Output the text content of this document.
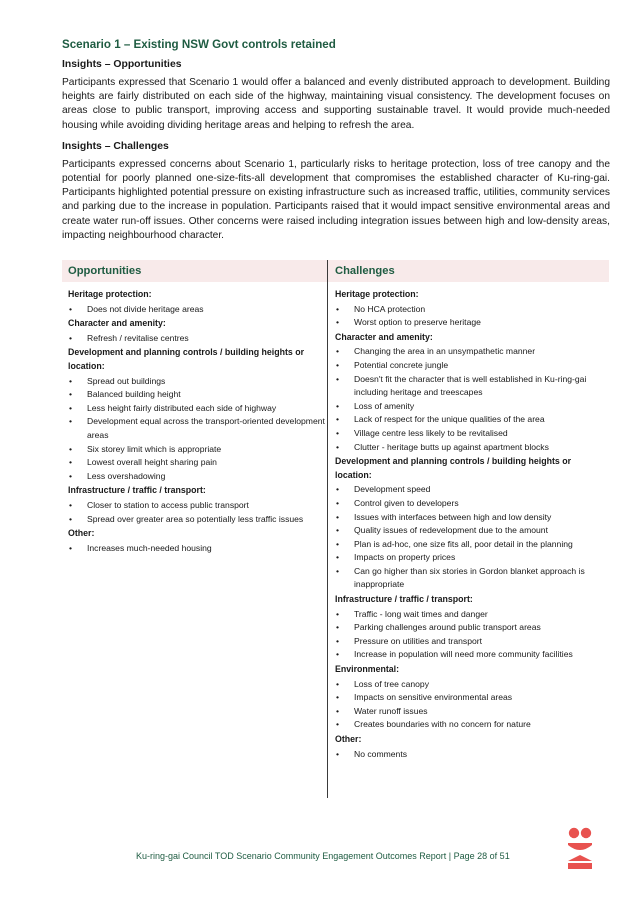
Scenario 1 – Existing NSW Govt controls retained
Insights – Opportunities

Participants expressed that Scenario 1 would offer a balanced and evenly distributed approach to development. Building heights are fairly distributed on each side of the highway, maintaining visual consistency. The development focuses on areas close to public transport, improving access and supporting sustainable travel. It would provide much-needed housing while avoiding dividing heritage areas and helping to refresh the area.

Insights – Challenges

Participants expressed concerns about Scenario 1, particularly risks to heritage protection, loss of tree canopy and the potential for poorly planned one-size-fits-all development that compromises the established character of Ku-ring-gai. Participants highlighted potential pressure on existing infrastructure such as increased traffic, utilities, community services and parking due to the increase in population. Participants raised that it would impact sensitive environmental areas and create water run-off issues. Other concerns were raised including integration issues between high and low-density areas, impacting neighbourhood character.

Opportunities
Heritage protection:
• Does not divide heritage areas
Character and amenity:
• Refresh / revitalise centres
Development and planning controls / building heights or location:
• Spread out buildings
• Balanced building height
• Less height fairly distributed each side of highway
• Development equal across the transport-oriented development areas
• Six storey limit which is appropriate
• Lowest overall height sharing pain
• Less overshadowing
Infrastructure / traffic / transport:
• Closer to station to access public transport
• Spread over greater area so potentially less traffic issues
Other:
• Increases much-needed housing
Challenges
Heritage protection:
• No HCA protection
• Worst option to preserve heritage
Character and amenity:
• Changing the area in an unsympathetic manner
• Potential concrete jungle
• Doesn't fit the character that is well established in Ku-ring-gai including heritage and treescapes
• Loss of amenity
• Lack of respect for the unique qualities of the area
• Village centre less likely to be revitalised
• Clutter - heritage butts up against apartment blocks
Development and planning controls / building heights or location:
• Development speed
• Control given to developers
• Issues with interfaces between high and low density
• Quality issues of redevelopment due to the amount
• Plan is ad-hoc, one size fits all, poor detail in the planning
• Impacts on property prices
• Can go higher than six stories in Gordon blanket approach is inappropriate
Infrastructure / traffic / transport:
• Traffic - long wait times and danger
• Parking challenges around public transport areas
• Pressure on utilities and transport
• Increase in population will need more community facilities
Environmental:
• Loss of tree canopy
• Impacts on sensitive environmental areas
• Water runoff issues
• Creates boundaries with no concern for nature
Other:
• No comments
Ku-ring-gai Council TOD Scenario Community Engagement Outcomes Report | Page 28 of 51
